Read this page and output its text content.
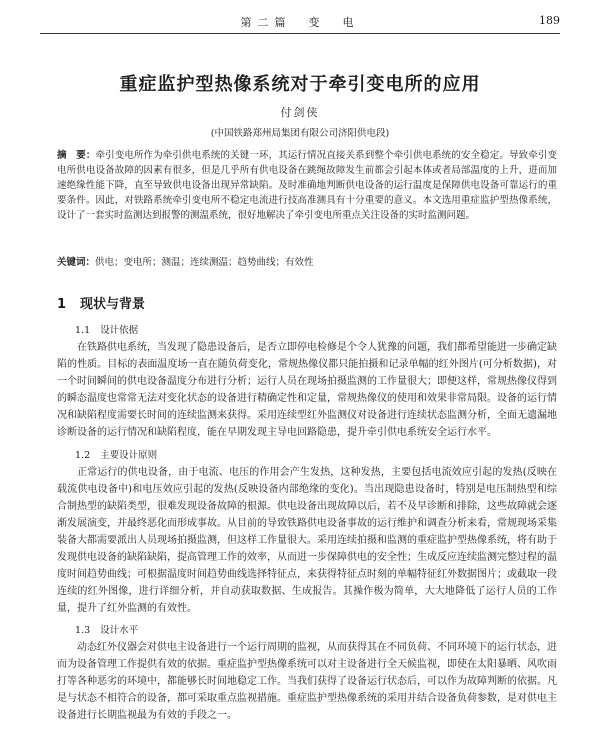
第二篇　变　电	189
重症监护型热像系统对于牵引变电所的应用
付剑侠
(中国铁路郑州局集团有限公司济阳供电段)
摘　要：牵引变电所作为牵引供电系统的关键一环，其运行情况直接关系到整个牵引供电系统的安全稳定。导致牵引变电所供电设备故障的因素有很多，但是几乎所有供电设备在跳绳故障发生前都会引起本体或者局部温度的上升，进而加速绝缘性能下降，直至导致供电设备出现异常缺陷。及时准确地判断供电设备的运行温度是保障供电设备可靠运行的重要条件。因此，对铁路系统牵引变电所不稳定电流进行技高准测具有十分重要的意义。本文选用重症监护型热像系统，设计了一套实时监测达到报警的测温系统，很好地解决了牵引变电所重点关注设备的实时监测问题。
关键词：供电；变电所；测温；连续测温；趋势曲线；有效性
1 现状与背景
1.1 设计依据
在铁路供电系统，当发现了隐患设备后，是否立即停电检修是个令人犹豫的问题，我们都希望能进一步确定缺陷的性质。目标的表面温度场一直在随负荷变化，常规热像仪都只能拍摄和记录单幅的红外图片(可分析数据)，对一个时间瞬间的供电设备温度分布进行分析；运行人员在现场拍摄监测的工作量很大；即便这样，常规热像仪得到的瞬态温度也常常无法对变化状态的设备进行精确定性和定量，常规热像仪的使用和效果非常局限。设备的运行情况和缺陷程度需要长时间的连续监测来获得。采用连续型红外监测仪对设备进行连续状态监测分析，全面无遗漏地诊断设备的运行情况和缺陷程度，能在早期发现主导电回路隐患，提升牵引供电系统安全运行水平。
1.2 主要设计原则
正常运行的供电设备，由于电流、电压的作用会产生发热，这种发热，主要包括电流效应引起的发热(反映在载流供电设备中)和电压效应引起的发热(反映设备内部绝缘的变化)。当出现隐患设备时，特别是电压制热型和综合制热型的缺陷类型，很难发现设备故障的根源。供电设备出现故障以后，若不及早诊断和排除，这些故障就会逐渐发展演变，并最终恶化而形成事故。从目前的导致铁路供电设备事故的运行维护和调查分析来看，常规现场采集装备大都需要派出人员现场拍摄监测，但这样工作量很大。采用连续拍摄和监测的重症监护型热像系统，将有助于发现供电设备的缺陷缺陷，提高管理工作的效率，从而进一步保障供电的安全性；生成反应连续监测完整过程的温度时间趋势曲线；可根据温度时间趋势曲线选择特征点，来获得特征点时刻的单幅特征红外数据图片；或截取一段连续的红外图像，进行详细分析，并自动获取数据、生成报告。其操作极为简单，大大地降低了运行人员的工作量，提升了红外监测的有效性。
1.3 设计水平
动态红外仪器会对供电主设备进行一个运行周期的监视，从而获得其在不同负荷、不同环境下的运行状态，进而为设备管理工作提供有效的依据。重症监护型热像系统可以对主设备进行全天候监视，即使在太阳暴晒、风吹雨打等各种恶劣的环境中，都能够长时间地稳定工作。当我们获得了设备运行状态后，可以作为故障判断的依据。凡是与状态不相符合的设备，都可采取重点监视措施。重症监护型热像系统的采用并结合设备负荷参数，是对供电主设备进行长期监视最为有效的手段之一。
